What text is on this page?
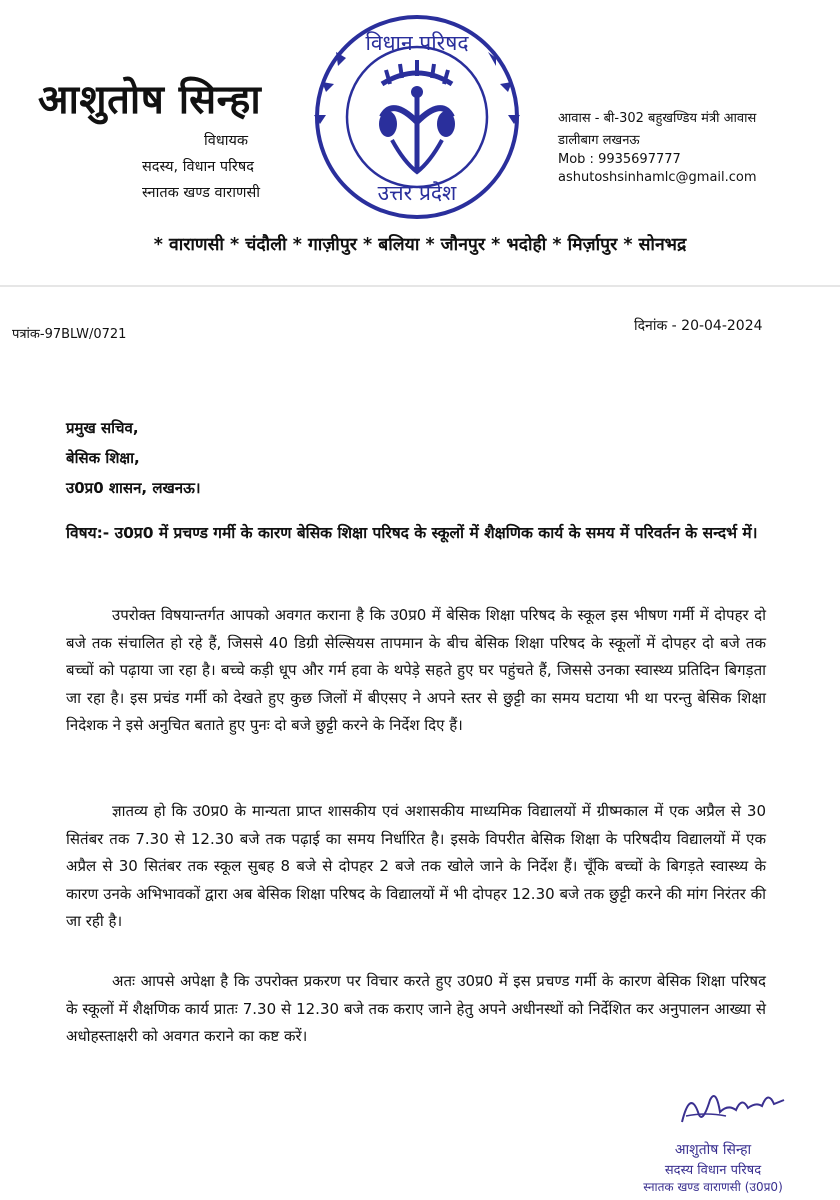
आशुतोष सिन्हा
विधायक
सदस्य, विधान परिषद
स्नातक खण्ड वाराणसी
विधान परिषद
उत्तर प्रदेश
आवास - बी-302 बहुखण्डिय मंत्री आवास
डालीबाग लखनऊ
Mob : 9935697777
ashutoshsinhamlc@gmail.com
* वाराणसी * चंदौली * गाज़ीपुर * बलिया * जौनपुर * भदोही * मिर्ज़ापुर * सोनभद्र
पत्रांक-97BLW/0721
दिनांक - 20-04-2024
प्रमुख सचिव,
बेसिक शिक्षा,
उ0प्र0 शासन, लखनऊ।
विषय:- उ0प्र0 में प्रचण्ड गर्मी के कारण बेसिक शिक्षा परिषद के स्कूलों में शैक्षणिक कार्य के समय में परिवर्तन के सन्दर्भ में।
उपरोक्त विषयान्तर्गत आपको अवगत कराना है कि उ0प्र0 में बेसिक शिक्षा परिषद के स्कूल इस भीषण गर्मी में दोपहर दो बजे तक संचालित हो रहे हैं, जिससे 40 डिग्री सेल्सियस तापमान के बीच बेसिक शिक्षा परिषद के स्कूलों में दोपहर दो बजे तक बच्चों को पढ़ाया जा रहा है। बच्चे कड़ी धूप और गर्म हवा के थपेड़े सहते हुए घर पहुंचते हैं, जिससे उनका स्वास्थ्य प्रतिदिन बिगड़ता जा रहा है। इस प्रचंड गर्मी को देखते हुए कुछ जिलों में बीएसए ने अपने स्तर से छुट्टी का समय घटाया भी था परन्तु बेसिक शिक्षा निदेशक ने इसे अनुचित बताते हुए पुनः दो बजे छुट्टी करने के निर्देश दिए हैं।
ज्ञातव्य हो कि उ0प्र0 के मान्यता प्राप्त शासकीय एवं अशासकीय माध्यमिक विद्यालयों में ग्रीष्मकाल में एक अप्रैल से 30 सितंबर तक 7.30 से 12.30 बजे तक पढ़ाई का समय निर्धारित है। इसके विपरीत बेसिक शिक्षा के परिषदीय विद्यालयों में एक अप्रैल से 30 सितंबर तक स्कूल सुबह 8 बजे से दोपहर 2 बजे तक खोले जाने के निर्देश हैं। चूँकि बच्चों के बिगड़ते स्वास्थ्य के कारण उनके अभिभावकों द्वारा अब बेसिक शिक्षा परिषद के विद्यालयों में भी दोपहर 12.30 बजे तक छुट्टी करने की मांग निरंतर की जा रही है।
अतः आपसे अपेक्षा है कि उपरोक्त प्रकरण पर विचार करते हुए उ0प्र0 में इस प्रचण्ड गर्मी के कारण बेसिक शिक्षा परिषद के स्कूलों में शैक्षणिक कार्य प्रातः 7.30 से 12.30 बजे तक कराए जाने हेतु अपने अधीनस्थों को निर्देशित कर अनुपालन आख्या से अधोहस्ताक्षरी को अवगत कराने का कष्ट करें।
आशुतोष सिन्हा
सदस्य विधान परिषद
स्नातक खण्ड वाराणसी (उ0प्र0)
